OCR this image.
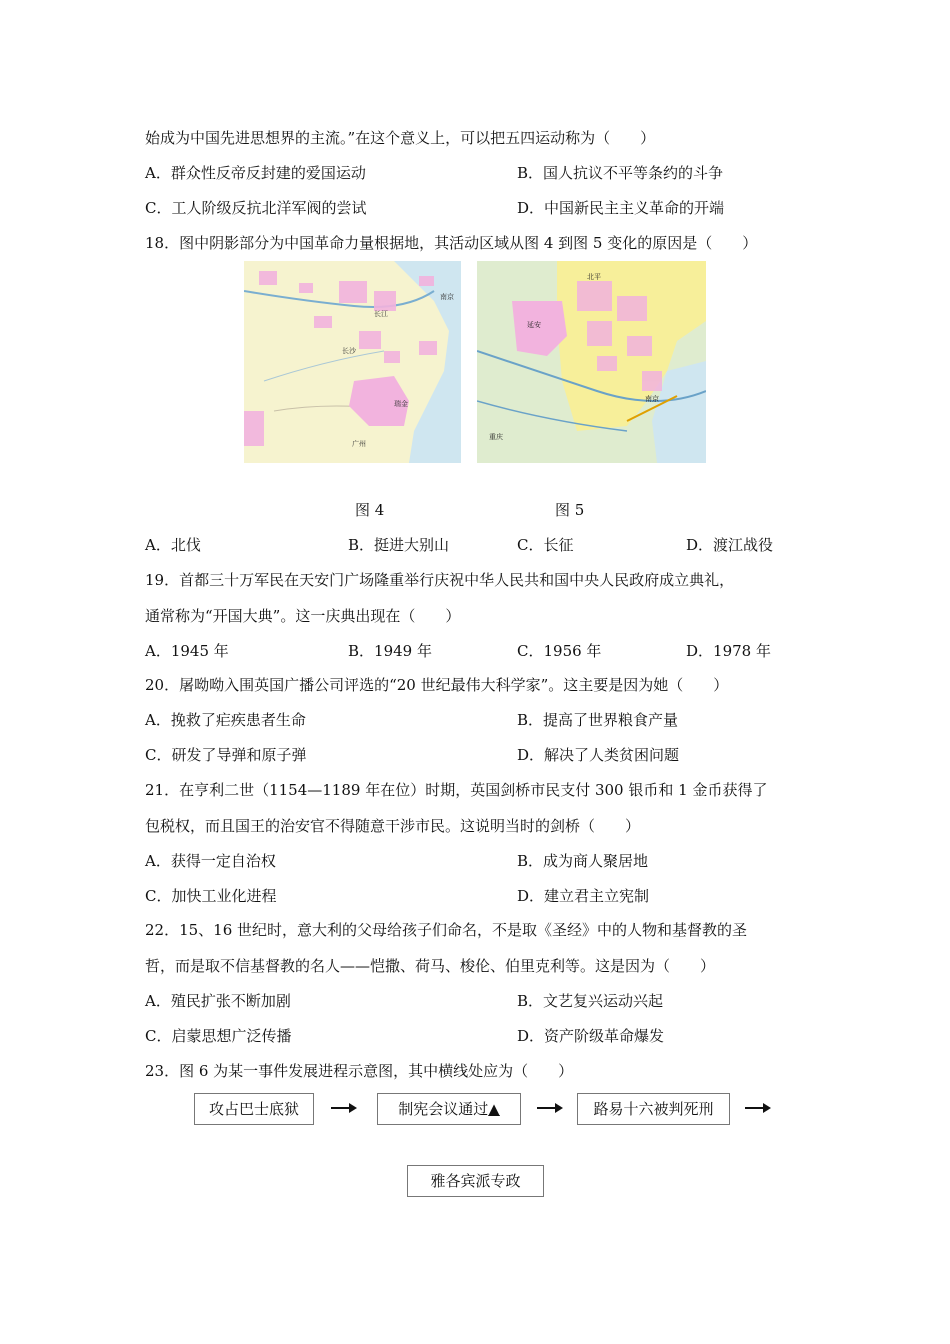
始成为中国先进思想界的主流。”在这个意义上，可以把五四运动称为（　　）
A．群众性反帝反封建的爱国运动	B．国人抗议不平等条约的斗争
C．工人阶级反抗北洋军阀的尝试	D．中国新民主主义革命的开端
18．图中阴影部分为中国革命力量根据地，其活动区域从图 4 到图 5 变化的原因是（　　）
南京
长江
长沙
瑞金
广州
延安
南京
重庆
北平
图 4	图 5
A．北伐	B．挺进大别山	C．长征	D．渡江战役
19．首都三十万军民在天安门广场隆重举行庆祝中华人民共和国中央人民政府成立典礼，
通常称为“开国大典”。这一庆典出现在（　　）
A．1945 年	B．1949 年	C．1956 年	D．1978 年
20．屠呦呦入围英国广播公司评选的“20 世纪最伟大科学家”。这主要是因为她（　　）
A．挽救了疟疾患者生命	B．提高了世界粮食产量
C．研发了导弹和原子弹	D．解决了人类贫困问题
21．在亨利二世（1154—1189 年在位）时期，英国剑桥市民支付 300 银币和 1 金币获得了
包税权，而且国王的治安官不得随意干涉市民。这说明当时的剑桥（　　）
A．获得一定自治权	B．成为商人聚居地
C．加快工业化进程	D．建立君主立宪制
22．15、16 世纪时，意大利的父母给孩子们命名，不是取《圣经》中的人物和基督教的圣
哲，而是取不信基督教的名人——恺撒、荷马、梭伦、伯里克利等。这是因为（　　）
A．殖民扩张不断加剧	B．文艺复兴运动兴起
C．启蒙思想广泛传播	D．资产阶级革命爆发
23．图 6 为某一事件发展进程示意图，其中横线处应为（　　）
攻占巴士底狱	制宪会议通过▲	路易十六被判死刑
雅各宾派专政
